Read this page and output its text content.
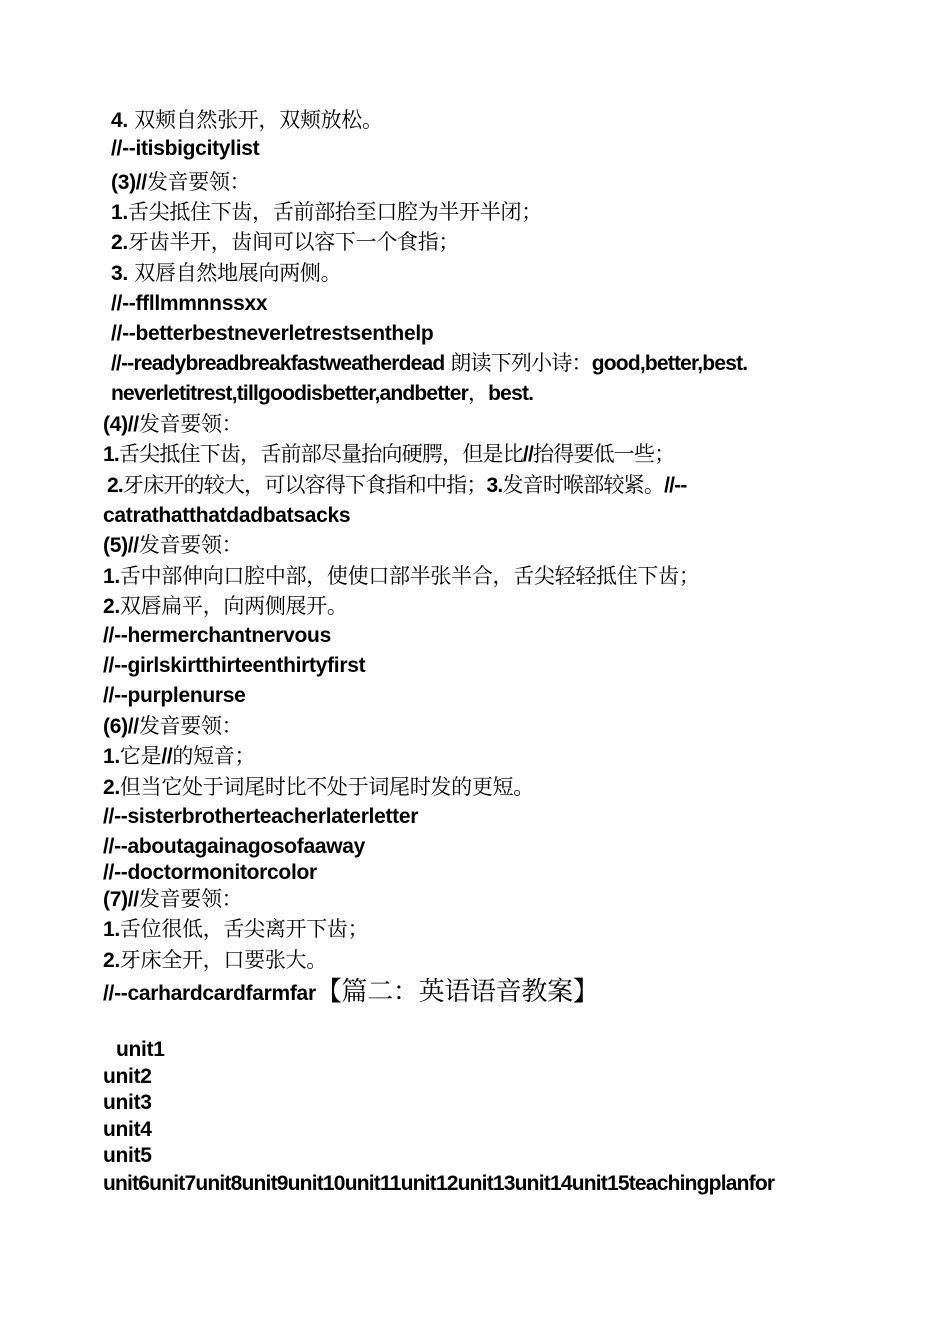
4. 双颊自然张开，双颊放松。
//--itisbigcitylist
(3)//发音要领：
1.舌尖抵住下齿，舌前部抬至口腔为半开半闭；
2.牙齿半开，齿间可以容下一个食指；
3. 双唇自然地展向两侧。
//--ffllmmnnssxx
//--betterbestneverletrestsenthelp
//--readybreadbreakfastweatherdead 朗读下列小诗：good,better,best.
neverletitrest,tillgoodisbetter,andbetter，best.
(4)//发音要领：
1.舌尖抵住下齿，舌前部尽量抬向硬腭，但是比//抬得要低一些；
2.牙床开的较大，可以容得下食指和中指；3.发音时喉部较紧。//--
catrathatthatdadbatsacks
(5)//发音要领：
1.舌中部伸向口腔中部，使使口部半张半合，舌尖轻轻抵住下齿；
2.双唇扁平，向两侧展开。
//--hermerchantnervous
//--girlskirtthirteenthirtyfirst
//--purplenurse
(6)//发音要领：
1.它是//的短音；
2.但当它处于词尾时比不处于词尾时发的更短。
//--sisterbrotherteacherlaterletter
//--aboutagainagosofaaway
//--doctormonitorcolor
(7)//发音要领：
1.舌位很低，舌尖离开下齿；
2.牙床全开，口要张大。
//--carhardcardfarmfar【篇二：英语语音教案】
unit1
unit2
unit3
unit4
unit5
unit6unit7unit8unit9unit10unit11unit12unit13unit14unit15teachingplanfor
